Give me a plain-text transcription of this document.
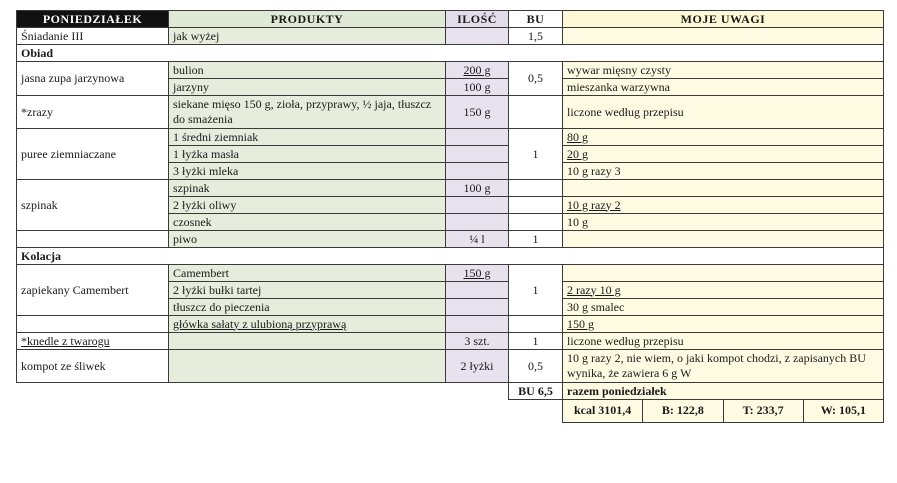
PONIEDZIAŁEK	PRODUKTY	ILOŚĆ	BU	MOJE UWAGI
Śniadanie III	jak wyżej		1,5	
Obiad				
jasna zupa jarzynowa	bulion	200 g	0,5	wywar mięsny czysty
	jarzyny	100 g		mieszanka warzywna
*zrazy	siekane mięso 150 g, zioła, przyprawy, ½ jaja, tłuszcz do smażenia	150 g		liczone według przepisu
puree ziemniaczane	1 średni ziemniak		1	80 g
	1 łyżka masła			20 g
	3 łyżki mleka			10 g razy 3
szpinak	szpinak	100 g		
	2 łyżki oliwy			10 g razy 2
	czosnek			10 g
	piwo	¼ l	1	
Kolacja				
zapiekany Camembert	Camembert	150 g	1	
	2 łyżki bułki tartej			2 razy 10 g
	tłuszcz do pieczenia			30 g smalec
	główka sałaty z ulubioną przyprawą			150 g
*knedle z twarogu		3 szt.	1	liczone według przepisu
kompot ze śliwek		2 łyżki	0,5	10 g razy 2, nie wiem, o jaki kompot chodzi, z zapisanych BU wynika, że zawiera 6 g W
			BU 6,5	razem poniedziałek

				kcal 3101,4 B: 122,8 T: 233,7 W: 105,1
